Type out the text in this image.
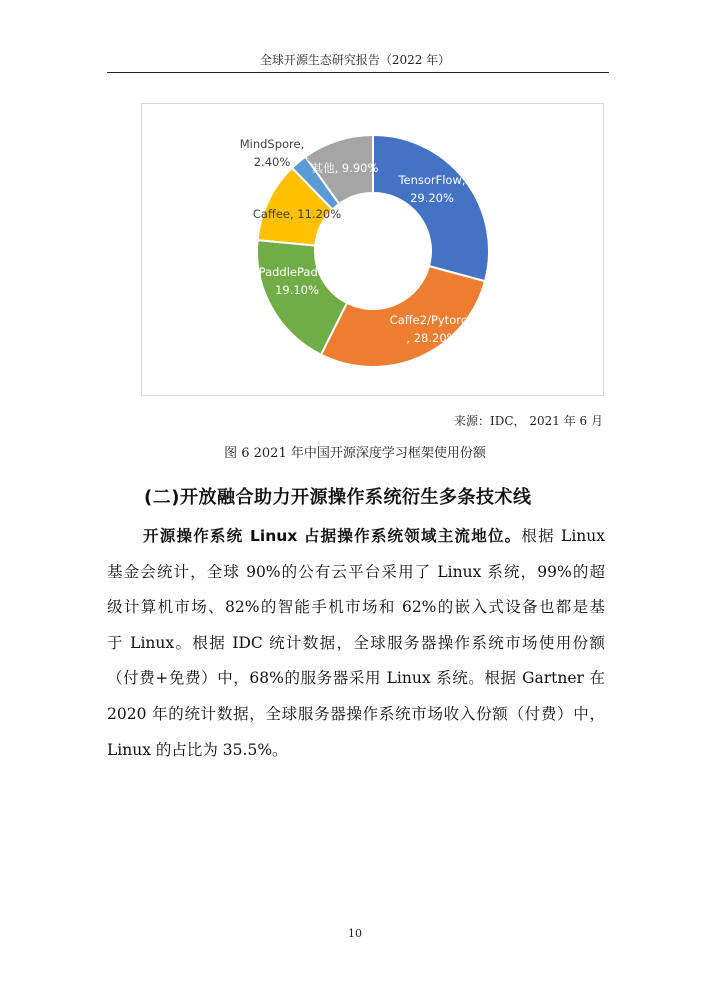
全球开源生态研究报告（2022 年）
TensorFlow, 29.20%
Caffe2/Pytorch , 28.20%
PaddlePaddle 19.10%
Caffee, 11.20%
MindSpore, 2.40%	其他, 9.90%
来源：IDC， 2021 年 6 月
图 6 2021 年中国开源深度学习框架使用份额
(二)开放融合助力开源操作系统衍生多条技术线
开源操作系统 Linux 占据操作系统领域主流地位。根据 Linux
基金会统计，全球 90%的公有云平台采用了 Linux 系统，99%的超
级计算机市场、82%的智能手机市场和 62%的嵌入式设备也都是基
于 Linux。根据 IDC 统计数据，全球服务器操作系统市场使用份额
（付费+免费）中，68%的服务器采用 Linux 系统。根据 Gartner 在
2020 年的统计数据，全球服务器操作系统市场收入份额（付费）中，
Linux 的占比为 35.5%。
10
